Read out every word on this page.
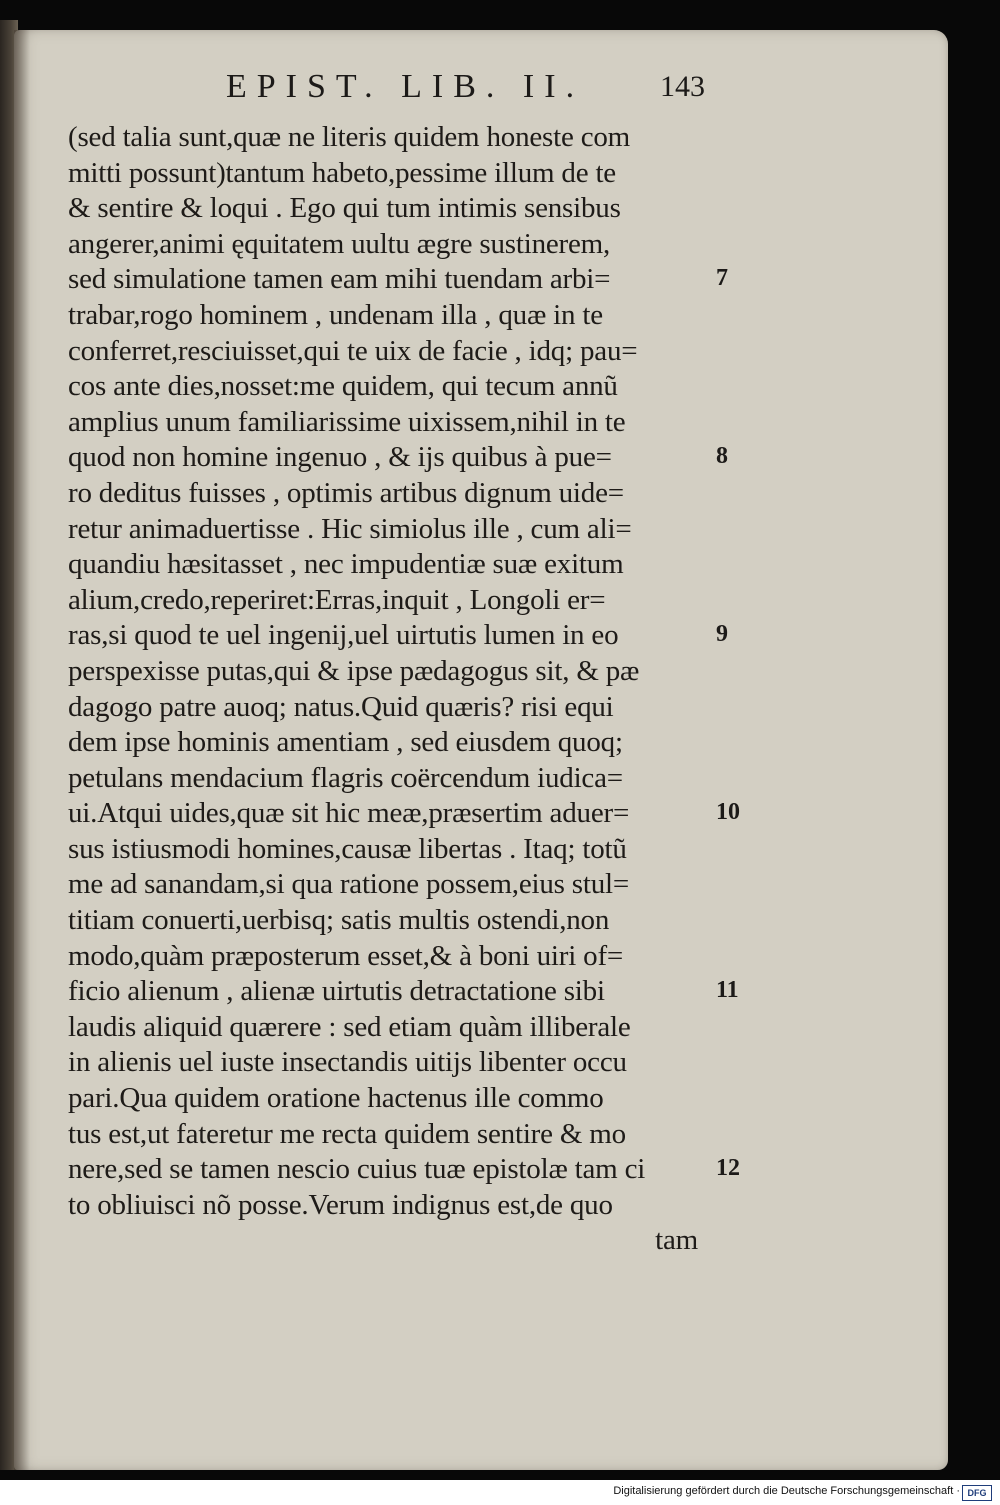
EPIST. LIB. II.	143
(sed talia sunt,quæ ne literis quidem honeste com
mitti possunt)tantum habeto,pessime illum de te
& sentire & loqui . Ego qui tum intimis sensibus
angerer,animi ęquitatem uultu ægre sustinerem,
sed simulatione tamen eam mihi tuendam arbi=
trabar,rogo hominem , undenam illa , quæ in te
conferret,resciuisset,qui te uix de facie , idq; pau=
cos ante dies,nosset:me quidem, qui tecum annũ
amplius unum familiarissime uixissem,nihil in te
quod non homine ingenuo , & ijs quibus à pue=
ro deditus fuisses , optimis artibus dignum uide=
retur animaduertisse . Hic simiolus ille , cum ali=
quandiu hæsitasset , nec impudentiæ suæ exitum
alium,credo,reperiret:Erras,inquit , Longoli er=
ras,si quod te uel ingenij,uel uirtutis lumen in eo
perspexisse putas,qui & ipse pædagogus sit, & pæ
dagogo patre auoq; natus.Quid quæris? risi equi
dem ipse hominis amentiam , sed eiusdem quoq;
petulans mendacium flagris coërcendum iudica=
ui.Atqui uides,quæ sit hic meæ,præsertim aduer=
sus istiusmodi homines,causæ libertas . Itaq; totũ
me ad sanandam,si qua ratione possem,eius stul=
titiam conuerti,uerbisq; satis multis ostendi,non
modo,quàm præposterum esset,& à boni uiri of=
ficio alienum , alienæ uirtutis detractatione sibi
laudis aliquid quærere : sed etiam quàm illiberale
in alienis uel iuste insectandis uitijs libenter occu
pari.Qua quidem oratione hactenus ille commo
tus est,ut fateretur me recta quidem sentire & mo
nere,sed se tamen nescio cuius tuæ epistolæ tam ci
to obliuisci nõ posse.Verum indignus est,de quo
tam
7
8
9
10
11
12
Digitalisierung gefördert durch die Deutsche Forschungsgemeinschaft · DFG
